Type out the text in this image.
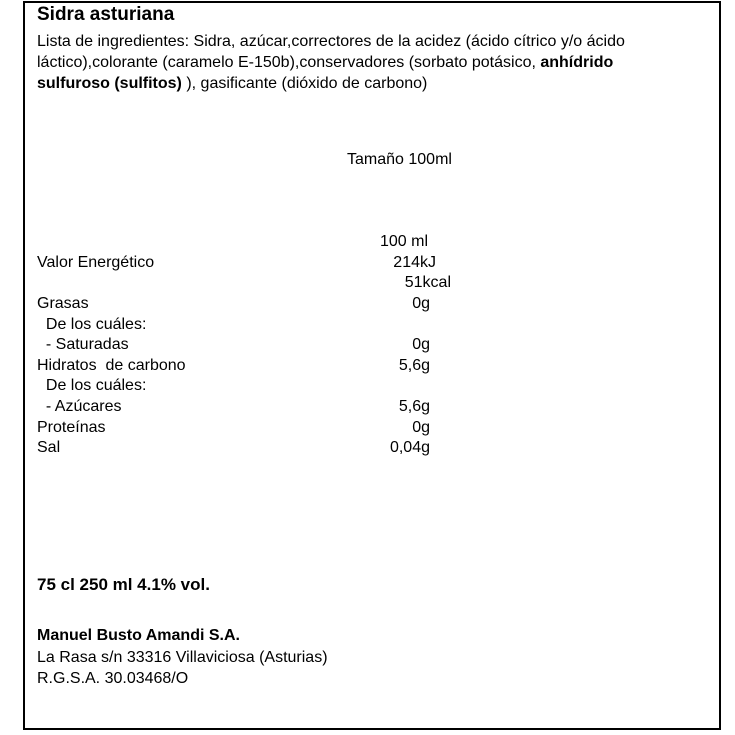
Sidra asturiana
Lista de ingredientes: Sidra, azúcar,correctores de la acidez (ácido cítrico y/o ácido láctico),colorante (caramelo E-150b),conservadores (sorbato potásico, anhídrido sulfuroso (sulfitos) ), gasificante (dióxido de carbono)
Tamaño 100ml
100 ml
Valor Energético	214kJ
51kcal
Grasas	0g
De los cuáles:
- Saturadas	0g
Hidratos  de carbono	5,6g
De los cuáles:
- Azúcares	5,6g
Proteínas	0g
Sal	0,04g
75 cl 250 ml 4.1% vol.
Manuel Busto Amandi S.A.
La Rasa s/n 33316 Villaviciosa (Asturias)
R.G.S.A. 30.03468/O
